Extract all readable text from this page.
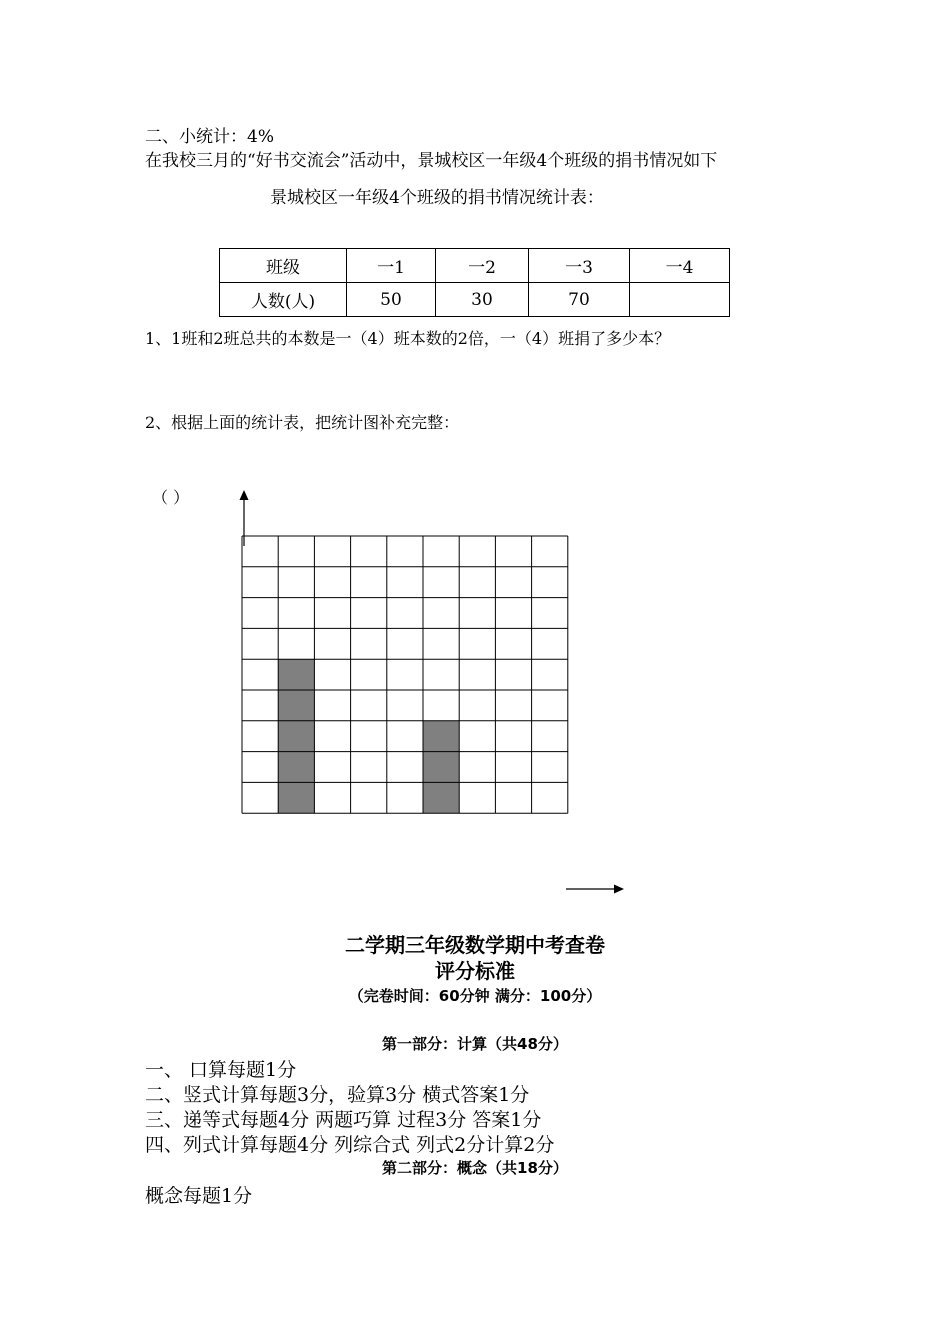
二、小统计：4%
在我校三月的“好书交流会”活动中，景城校区一年级4个班级的捐书情况如下
景城校区一年级4个班级的捐书情况统计表：
班级	一1	一2	一3	一4
人数(人)	50	30	70	
1、1班和2班总共的本数是一（4）班本数的2倍，一（4）班捐了多少本？
2、根据上面的统计表，把统计图补充完整：
（ ）
二学期三年级数学期中考查卷
评分标准
（完卷时间：60分钟 满分：100分）
第一部分：计算（共48分）
一、 口算每题1分
二、竖式计算每题3分，验算3分 横式答案1分
三、递等式每题4分 两题巧算 过程3分 答案1分
四、列式计算每题4分 列综合式 列式2分计算2分
第二部分：概念（共18分）
概念每题1分
